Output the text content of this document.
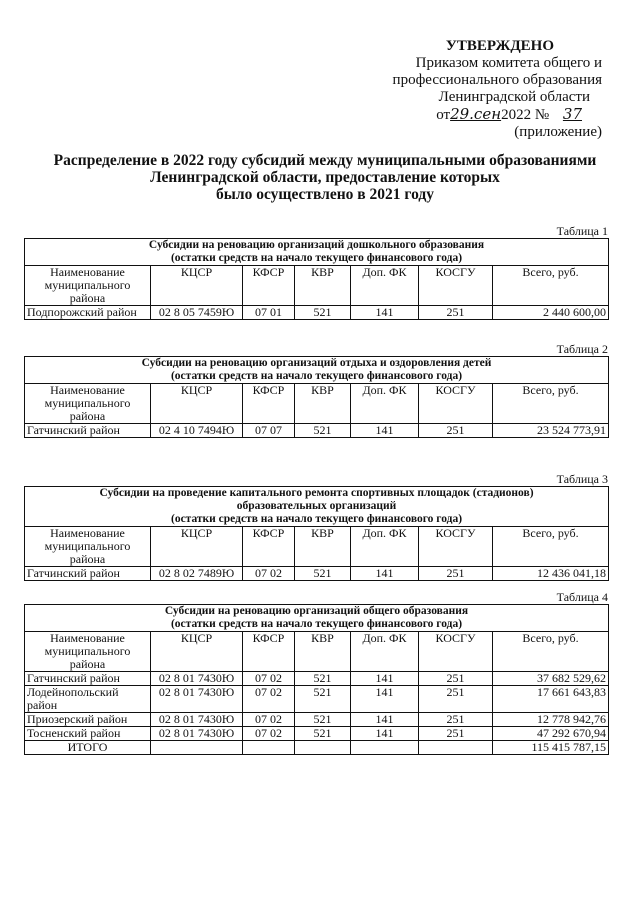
УТВЕРЖДЕНО
Приказом комитета общего и
профессионального образования
Ленинградской области
от29.сен2022 № 37
(приложение)
Распределение в 2022 году субсидий между муниципальными образованиями
Ленинградской области, предоставление которых
было осуществлено в 2021 году
Таблица 1
Субсидии на реновацию организаций дошкольного образования
(остатки средств на начало текущего финансового года)						

Наименование муниципального района	КЦСР	КФСР	КВР	Доп. ФК	КОСГУ	Всего, руб.
Подпорожский район	02 8 05 7459Ю	07 01	521	141	251	2 440 600,00
Таблица 2
Субсидии на реновацию организаций отдыха и оздоровления детей
(остатки средств на начало текущего финансового года)						

Наименование муниципального района	КЦСР	КФСР	КВР	Доп. ФК	КОСГУ	Всего, руб.
Гатчинский район	02 4 10 7494Ю	07 07	521	141	251	23 524 773,91
Таблица 3
Субсидии на проведение капитального ремонта спортивных площадок (стадионов)
образовательных организаций
(остатки средств на начало текущего финансового года)						

Наименование муниципального района	КЦСР	КФСР	КВР	Доп. ФК	КОСГУ	Всего, руб.
Гатчинский район	02 8 02 7489Ю	07 02	521	141	251	12 436 041,18
Таблица 4
Субсидии на реновацию организаций общего образования
(остатки средств на начало текущего финансового года)						

Наименование муниципального района	КЦСР	КФСР	КВР	Доп. ФК	КОСГУ	Всего, руб.
Гатчинский район	02 8 01 7430Ю	07 02	521	141	251	37 682 529,62
Лодейнопольский район	02 8 01 7430Ю	07 02	521	141	251	17 661 643,83
Приозерский район	02 8 01 7430Ю	07 02	521	141	251	12 778 942,76
Тосненский район	02 8 01 7430Ю	07 02	521	141	251	47 292 670,94
ИТОГО						115 415 787,15
